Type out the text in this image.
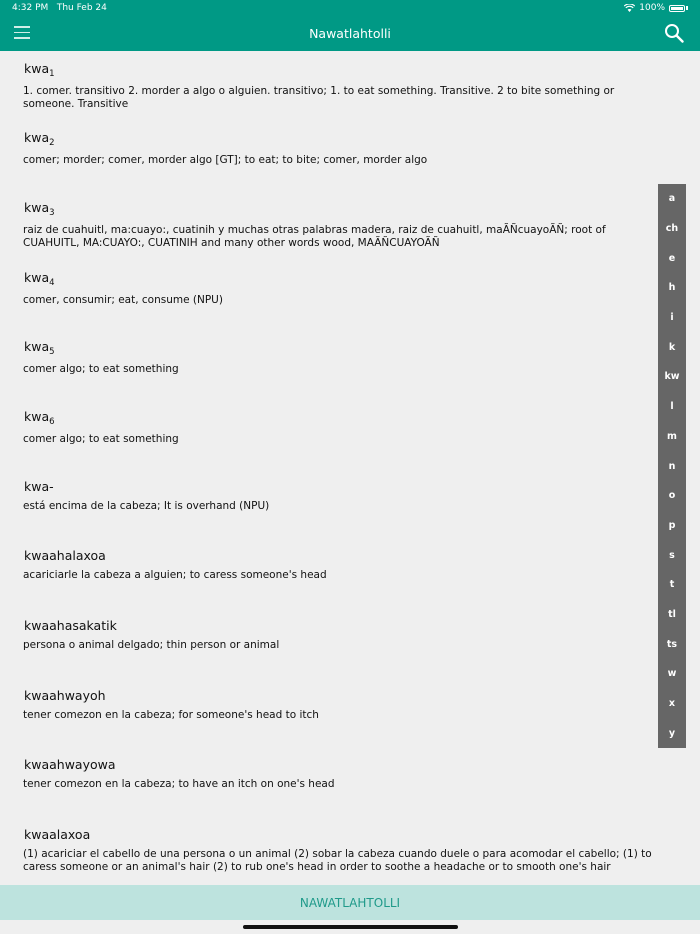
4:32 PM Thu Feb 24	100%
Nawatlahtolli
kwa$_1$
1. comer. transitivo 2. morder a algo o alguien. transitivo; 1. to eat something. Transitive. 2 to bite something or someone. Transitive
kwa$_2$
comer; morder; comer, morder algo [GT]; to eat; to bite; comer, morder algo
kwa$_3$
raiz de cuahuitl, ma:cuayo:, cuatinih y muchas otras palabras madera, raiz de cuahuitl, maÃÑcuayoÃÑ; root of CUAHUITL, MA:CUAYO:, CUATINIH and many other words wood, MAÃÑCUAYOÃÑ
kwa$_4$
comer, consumir; eat, consume (NPU)
kwa$_5$
comer algo; to eat something
kwa$_6$
comer algo; to eat something
kwa-
está encima de la cabeza; It is overhand (NPU)
kwaahalaxoa
acariciarle la cabeza a alguien; to caress someone's head
kwaahasakatik
persona o animal delgado; thin person or animal
kwaahwayoh
tener comezon en la cabeza; for someone's head to itch
kwaahwayowa
tener comezon en la cabeza; to have an itch on one's head
kwaalaxoa
(1) acariciar el cabello de una persona o un animal (2) sobar la cabeza cuando duele o para acomodar el cabello; (1) to caress someone or an animal's hair (2) to rub one's head in order to soothe a headache or to smooth one's hair
a
ch
e
h
i
k
kw
l
m
n
o
p
s
t
tl
ts
w
x
y
NAWATLAHTOLLI
